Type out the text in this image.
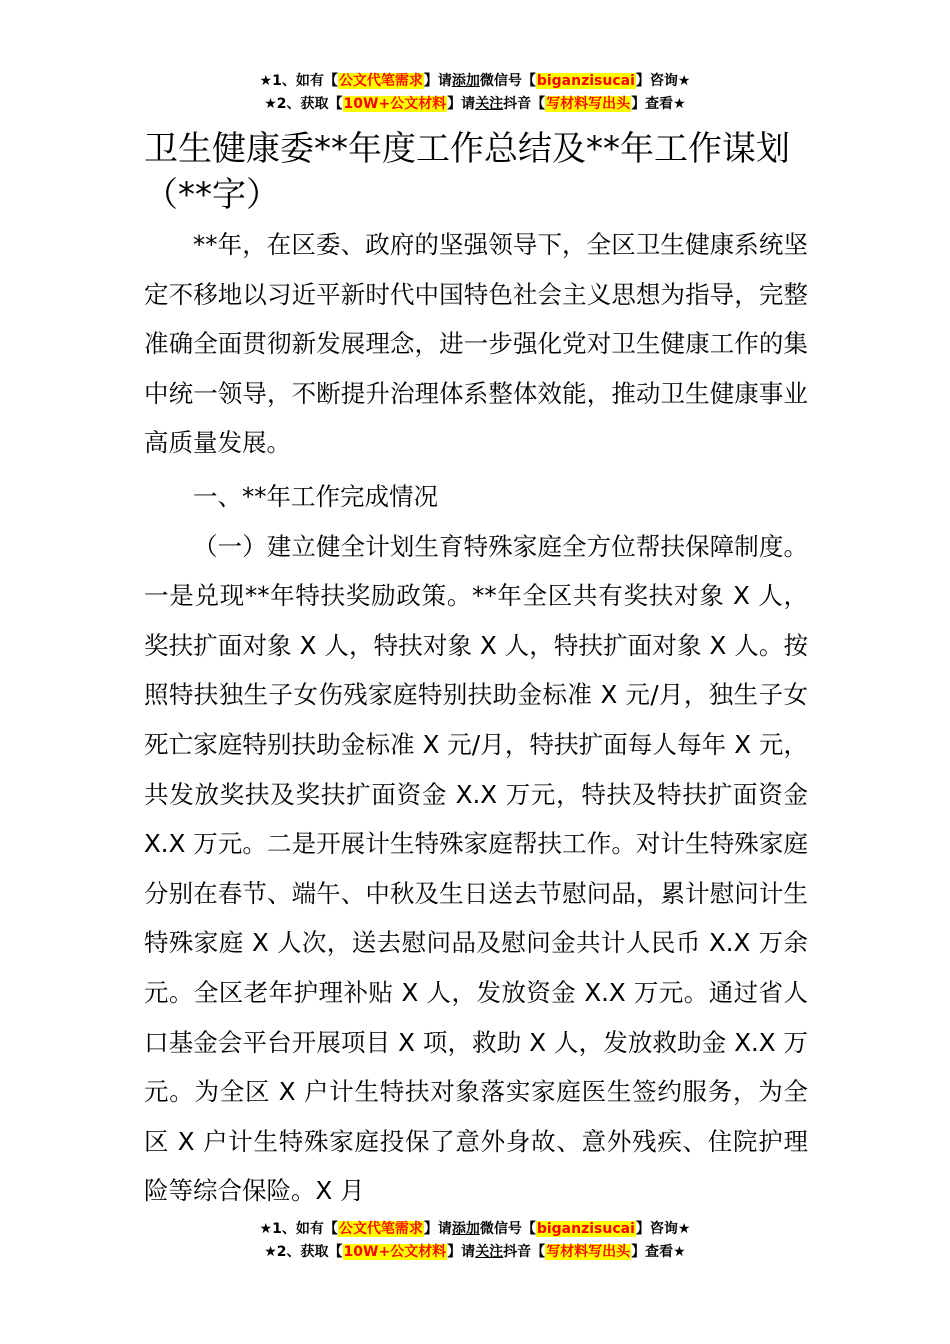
★1、如有【公文代笔需求】请添加微信号【biganzisucai】咨询★
★2、获取【10W+公文材料】请关注抖音【写材料写出头】查看★
卫生健康委**年度工作总结及**年工作谋划（**字）

**年，在区委、政府的坚强领导下，全区卫生健康系统坚定不移地以习近平新时代中国特色社会主义思想为指导，完整准确全面贯彻新发展理念，进一步强化党对卫生健康工作的集中统一领导，不断提升治理体系整体效能，推动卫生健康事业高质量发展。

一、**年工作完成情况

（一）建立健全计划生育特殊家庭全方位帮扶保障制度。一是兑现**年特扶奖励政策。**年全区共有奖扶对象 X 人，奖扶扩面对象 X 人，特扶对象 X 人，特扶扩面对象 X 人。按照特扶独生子女伤残家庭特别扶助金标准 X 元/月，独生子女死亡家庭特别扶助金标准 X 元/月，特扶扩面每人每年 X 元，共发放奖扶及奖扶扩面资金 X.X 万元，特扶及特扶扩面资金 X.X 万元。二是开展计生特殊家庭帮扶工作。对计生特殊家庭分别在春节、端午、中秋及生日送去节慰问品，累计慰问计生特殊家庭 X 人次，送去慰问品及慰问金共计人民币 X.X 万余元。全区老年护理补贴 X 人，发放资金 X.X 万元。通过省人口基金会平台开展项目 X 项，救助 X 人，发放救助金 X.X 万元。为全区 X 户计生特扶对象落实家庭医生签约服务，为全区 X 户计生特殊家庭投保了意外身故、意外残疾、住院护理险等综合保险。X 月

★1、如有【公文代笔需求】请添加微信号【biganzisucai】咨询★
★2、获取【10W+公文材料】请关注抖音【写材料写出头】查看★
